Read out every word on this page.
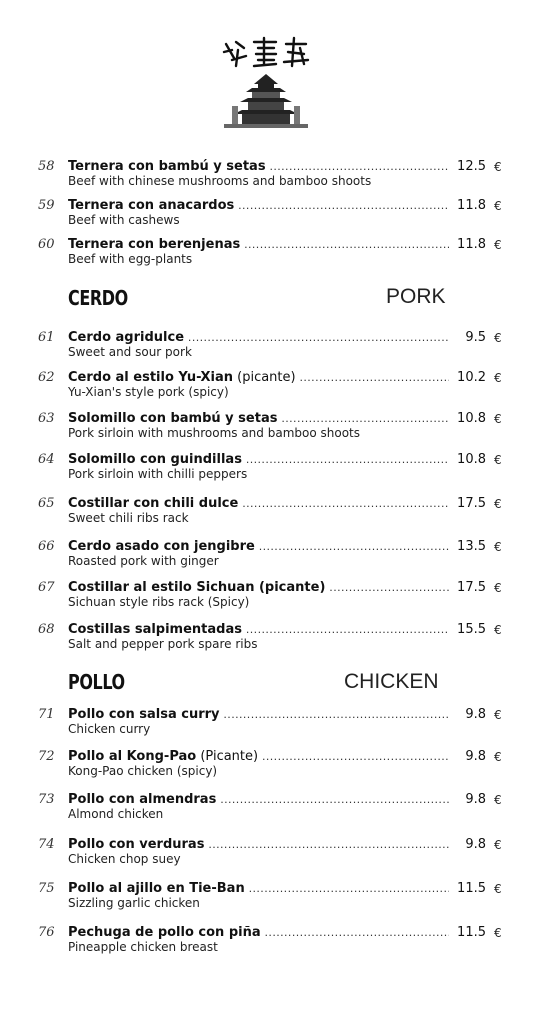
58 Ternera con bambú y setas .....	12.5 €
Beef with chinese mushrooms and bamboo shoots
59 Ternera con anacardos .....	11.8 €
Beef with cashews
60 Ternera con berenjenas .....	11.8 €
Beef with egg-plants
CERDO	PORK
61 Cerdo agridulce .....	9.5 €
Sweet and sour pork
62 Cerdo al estilo Yu-Xian (picante) .....	10.2 €
Yu-Xian's style pork (spicy)
63 Solomillo con bambú y setas .....	10.8 €
Pork sirloin with mushrooms and bamboo shoots
64 Solomillo con guindillas .....	10.8 €
Pork sirloin with chilli peppers
65 Costillar con chili dulce .....	17.5 €
Sweet chili ribs rack
66 Cerdo asado con jengibre .....	13.5 €
Roasted pork with ginger
67 Costillar al estilo Sichuan (picante) .....	17.5 €
Sichuan style ribs rack (Spicy)
68 Costillas salpimentadas .....	15.5 €
Salt and pepper pork spare ribs
POLLO	CHICKEN
71 Pollo con salsa curry .....	9.8 €
Chicken curry
72 Pollo al Kong-Pao (Picante) .....	9.8 €
Kong-Pao chicken (spicy)
73 Pollo con almendras .....	9.8 €
Almond chicken
74 Pollo con verduras .....	9.8 €
Chicken chop suey
75 Pollo al ajillo en Tie-Ban .....	11.5 €
Sizzling garlic chicken
76 Pechuga de pollo con piña .....	11.5 €
Pineapple chicken breast
